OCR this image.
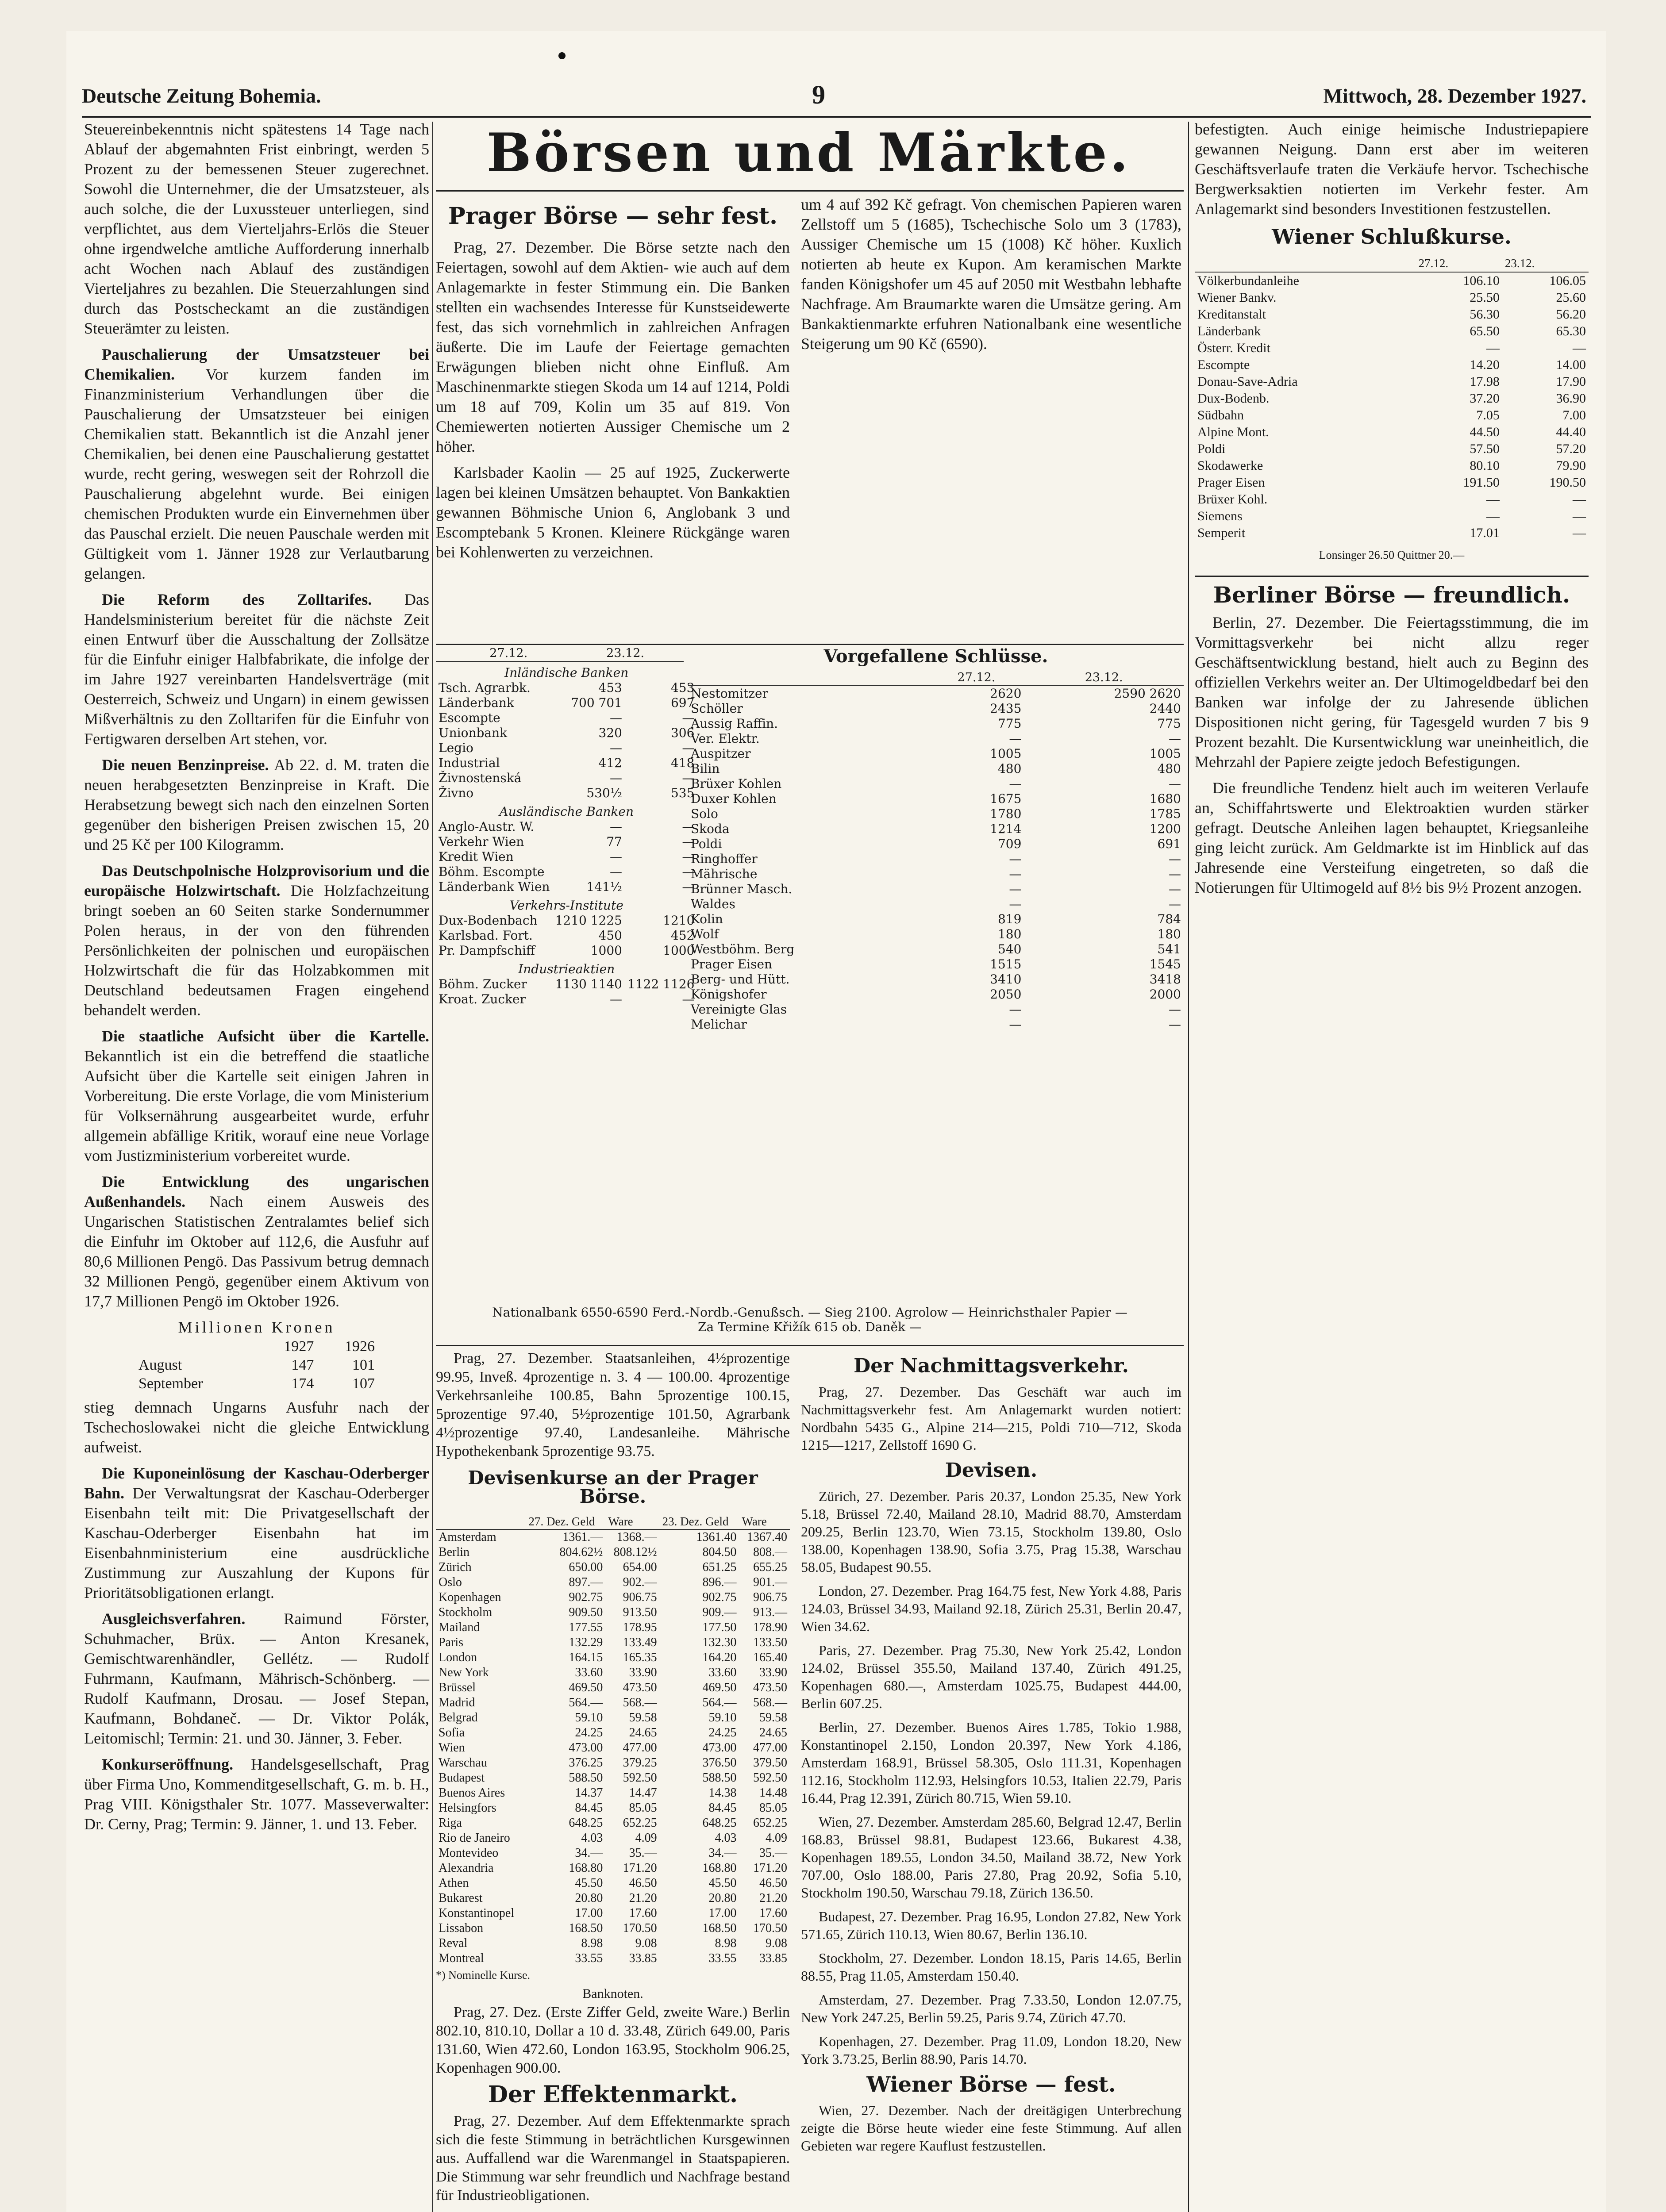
Deutsche Zeitung Bohemia.	9	Mittwoch, 28. Dezember 1927.

Steuereinbekenntnis nicht spätestens 14 Tage nach Ablauf der abgemahnten Frist einbringt, werden 5 Prozent zu der bemessenen Steuer zugerechnet. Sowohl die Unternehmer, die der Umsatzsteuer, als auch solche, die der Luxussteuer unterliegen, sind verpflichtet, aus dem Vierteljahrs-Erlös die Steuer ohne irgendwelche amtliche Aufforderung innerhalb acht Wochen nach Ablauf des zuständigen Vierteljahres zu bezahlen. Die Steuerzahlungen sind durch das Postscheckamt an die zuständigen Steuerämter zu leisten.

Pauschalierung der Umsatzsteuer bei Chemikalien. Vor kurzem fanden im Finanzministerium Verhandlungen über die Pauschalierung der Umsatzsteuer bei einigen Chemikalien statt. Bekanntlich ist die Anzahl jener Chemikalien, bei denen eine Pauschalierung gestattet wurde, recht gering, weswegen seit der Rohrzoll die Pauschalierung abgelehnt wurde. Bei einigen chemischen Produkten wurde ein Einvernehmen über das Pauschal erzielt. Die neuen Pauschale werden mit Gültigkeit vom 1. Jänner 1928 zur Verlautbarung gelangen.

Die Reform des Zolltarifes. Das Handelsministerium bereitet für die nächste Zeit einen Entwurf über die Ausschaltung der Zollsätze für die Einfuhr einiger Halbfabrikate, die infolge der im Jahre 1927 vereinbarten Handelsverträge (mit Oesterreich, Schweiz und Ungarn) in einem gewissen Mißverhältnis zu den Zolltarifen für die Einfuhr von Fertigwaren derselben Art stehen, vor.

Die neuen Benzinpreise. Ab 22. d. M. traten die neuen herabgesetzten Benzinpreise in Kraft. Die Herabsetzung bewegt sich nach den einzelnen Sorten gegenüber den bisherigen Preisen zwischen 15, 20 und 25 Kč per 100 Kilogramm.

Das Deutschpolnische Holzprovisorium und die europäische Holzwirtschaft. Die Holzfachzeitung bringt soeben an 60 Seiten starke Sondernummer Polen heraus, in der von den führenden Persönlichkeiten der polnischen und europäischen Holzwirtschaft die für das Holzabkommen mit Deutschland bedeutsamen Fragen eingehend behandelt werden.

Die staatliche Aufsicht über die Kartelle. Bekanntlich ist ein die betreffend die staatliche Aufsicht über die Kartelle seit einigen Jahren in Vorbereitung. Die erste Vorlage, die vom Ministerium für Volksernährung ausgearbeitet wurde, erfuhr allgemein abfällige Kritik, worauf eine neue Vorlage vom Justizministerium vorbereitet wurde.

Die Entwicklung des ungarischen Außenhandels. Nach einem Ausweis des Ungarischen Statistischen Zentralamtes belief sich die Einfuhr im Oktober auf 112,6, die Ausfuhr auf 80,6 Millionen Pengö. Das Passivum betrug demnach 32 Millionen Pengö, gegenüber einem Aktivum von 17,7 Millionen Pengö im Oktober 1926.

Millionen Kronen
	1927	1926
August	147	101
September	174	107

stieg demnach Ungarns Ausfuhr nach der Tschechoslowakei nicht die gleiche Entwicklung aufweist.

Die Kuponeinlösung der Kaschau-Oderberger Bahn. Der Verwaltungsrat der Kaschau-Oderberger Eisenbahn teilt mit: Die Privatgesellschaft der Kaschau-Oderberger Eisenbahn hat im Eisenbahnministerium eine ausdrückliche Zustimmung zur Auszahlung der Kupons für Prioritätsobligationen erlangt.

Ausgleichsverfahren. Raimund Förster, Schuhmacher, Brüx. — Anton Kresanek, Gemischtwarenhändler, Gellétz. — Rudolf Fuhrmann, Kaufmann, Mährisch-Schönberg. — Rudolf Kaufmann, Drosau. — Josef Stepan, Kaufmann, Bohdaneč. — Dr. Viktor Polák, Leitomischl; Termin: 21. und 30. Jänner, 3. Feber.

Konkurseröffnung. Handelsgesellschaft, Prag über Firma Uno, Kommenditgesellschaft, G. m. b. H., Prag VIII. Königsthaler Str. 1077. Masseverwalter: Dr. Cerny, Prag; Termin: 9. Jänner, 1. und 13. Feber.

Börsen und Märkte.
Prager Börse — sehr fest.

Prag, 27. Dezember. Die Börse setzte nach den Feiertagen, sowohl auf dem Aktien- wie auch auf dem Anlagemarkte in fester Stimmung ein. Die Banken stellten ein wachsendes Interesse für Kunstseidewerte fest, das sich vornehmlich in zahlreichen Anfragen äußerte. Die im Laufe der Feiertage gemachten Erwägungen blieben nicht ohne Einfluß. Am Maschinenmarkte stiegen Skoda um 14 auf 1214, Poldi um 18 auf 709, Kolin um 35 auf 819. Von Chemiewerten notierten Aussiger Chemische um 2 höher.

Karlsbader Kaolin — 25 auf 1925, Zuckerwerte lagen bei kleinen Umsätzen behauptet. Von Bankaktien gewannen Böhmische Union 6, Anglobank 3 und Escomptebank 5 Kronen. Kleinere Rückgänge waren bei Kohlenwerten zu verzeichnen.

um 4 auf 392 Kč gefragt. Von chemischen Papieren waren Zellstoff um 5 (1685), Tschechische Solo um 3 (1783), Aussiger Chemische um 15 (1008) Kč höher. Kuxlich notierten ab heute ex Kupon. Am keramischen Markte fanden Königshofer um 45 auf 2050 mit Westbahn lebhafte Nachfrage. Am Braumarkte waren die Umsätze gering. Am Bankaktienmarkte erfuhren Nationalbank eine wesentliche Steigerung um 90 Kč (6590).

	27.12.	23.12.
Inländische Banken		
Tsch. Agrarbk.	453	453
Länderbank	700 701	697
Escompte	—	—
Unionbank	320	306
Legio	—	—
Industrial	412	418
Živnostenská	—	—
Živno	530½	535
Ausländische Banken		
Anglo-Austr. W.	—	—
Verkehr Wien	77	—
Kredit Wien	—	—
Böhm. Escompte	—	—
Länderbank Wien	141½	—
Verkehrs-Institute		
Dux-Bodenbach	1210 1225	1210
Karlsbad. Fort.	450	452
Pr. Dampfschiff	1000	1000
Industrieaktien		
Böhm. Zucker	1130 1140	1122 1126
Kroat. Zucker	—	—
Vorgefallene Schlüsse.
	27.12.	23.12.
Nestomitzer	2620	2590 2620
Schöller	2435	2440
Aussig Raffin.	775	775
Ver. Elektr.	—	—
Auspitzer	1005	1005
Bilin	480	480
Brüxer Kohlen	—	—
Duxer Kohlen	1675	1680
Solo	1780	1785
Skoda	1214	1200
Poldi	709	691
Ringhoffer	—	—
Mährische	—	—
Brünner Masch.	—	—
Waldes	—	—
Kolin	819	784
Wolf	180	180
Westböhm. Berg	540	541
Prager Eisen	1515	1545
Berg- und Hütt.	3410	3418
Königshofer	2050	2000
Vereinigte Glas	—	—
Melichar	—	—
Nationalbank 6550-6590 Ferd.-Nordb.-Genußsch. — Sieg 2100. Agrolow — Heinrichsthaler Papier —
Za Termine Křižík 615 ob. Daněk —

Prag, 27. Dezember. Staatsanleihen, 4½prozentige 99.95, Inveß. 4prozentige n. 3. 4 — 100.00. 4prozentige Verkehrsanleihe 100.85, Bahn 5prozentige 100.15, 5prozentige 97.40, 5½prozentige 101.50, Agrarbank 4½prozentige 97.40, Landesanleihe. Mährische Hypothekenbank 5prozentige 93.75.

Devisenkurse an der Prager Börse.
	27. Dez. Geld	Ware	23. Dez. Geld	Ware
Amsterdam	1361.—	1368.—	1361.40	1367.40
Berlin	804.62½	808.12½	804.50	808.—
Zürich	650.00	654.00	651.25	655.25
Oslo	897.—	902.—	896.—	901.—
Kopenhagen	902.75	906.75	902.75	906.75
Stockholm	909.50	913.50	909.—	913.—
Mailand	177.55	178.95	177.50	178.90
Paris	132.29	133.49	132.30	133.50
London	164.15	165.35	164.20	165.40
New York	33.60	33.90	33.60	33.90
Brüssel	469.50	473.50	469.50	473.50
Madrid	564.—	568.—	564.—	568.—
Belgrad	59.10	59.58	59.10	59.58
Sofia	24.25	24.65	24.25	24.65
Wien	473.00	477.00	473.00	477.00
Warschau	376.25	379.25	376.50	379.50
Budapest	588.50	592.50	588.50	592.50
Buenos Aires	14.37	14.47	14.38	14.48
Helsingfors	84.45	85.05	84.45	85.05
Riga	648.25	652.25	648.25	652.25
Rio de Janeiro	4.03	4.09	4.03	4.09
Montevideo	34.—	35.—	34.—	35.—
Alexandria	168.80	171.20	168.80	171.20
Athen	45.50	46.50	45.50	46.50
Bukarest	20.80	21.20	20.80	21.20
Konstantinopel	17.00	17.60	17.00	17.60
Lissabon	168.50	170.50	168.50	170.50
Reval	8.98	9.08	8.98	9.08
Montreal	33.55	33.85	33.55	33.85
*) Nominelle Kurse.
Banknoten.

Prag, 27. Dez. (Erste Ziffer Geld, zweite Ware.) Berlin 802.10, 810.10, Dollar a 10 d. 33.48, Zürich 649.00, Paris 131.60, Wien 472.60, London 163.95, Stockholm 906.25, Kopenhagen 900.00.

Der Effektenmarkt.

Prag, 27. Dezember. Auf dem Effektenmarkte sprach sich die feste Stimmung in beträchtlichen Kursgewinnen aus. Auffallend war die Warenmangel in Staatspapieren. Die Stimmung war sehr freundlich und Nachfrage bestand für Industrieobligationen.

Der Nachmittagsverkehr.

Prag, 27. Dezember. Das Geschäft war auch im Nachmittagsverkehr fest. Am Anlagemarkt wurden notiert: Nordbahn 5435 G., Alpine 214—215, Poldi 710—712, Skoda 1215—1217, Zellstoff 1690 G.

Devisen.

Zürich, 27. Dezember. Paris 20.37, London 25.35, New York 5.18, Brüssel 72.40, Mailand 28.10, Madrid 88.70, Amsterdam 209.25, Berlin 123.70, Wien 73.15, Stockholm 139.80, Oslo 138.00, Kopenhagen 138.90, Sofia 3.75, Prag 15.38, Warschau 58.05, Budapest 90.55.

London, 27. Dezember. Prag 164.75 fest, New York 4.88, Paris 124.03, Brüssel 34.93, Mailand 92.18, Zürich 25.31, Berlin 20.47, Wien 34.62.

Paris, 27. Dezember. Prag 75.30, New York 25.42, London 124.02, Brüssel 355.50, Mailand 137.40, Zürich 491.25, Kopenhagen 680.—, Amsterdam 1025.75, Budapest 444.00, Berlin 607.25.

Berlin, 27. Dezember. Buenos Aires 1.785, Tokio 1.988, Konstantinopel 2.150, London 20.397, New York 4.186, Amsterdam 168.91, Brüssel 58.305, Oslo 111.31, Kopenhagen 112.16, Stockholm 112.93, Helsingfors 10.53, Italien 22.79, Paris 16.44, Prag 12.391, Zürich 80.715, Wien 59.10.

Wien, 27. Dezember. Amsterdam 285.60, Belgrad 12.47, Berlin 168.83, Brüssel 98.81, Budapest 123.66, Bukarest 4.38, Kopenhagen 189.55, London 34.50, Mailand 38.72, New York 707.00, Oslo 188.00, Paris 27.80, Prag 20.92, Sofia 5.10, Stockholm 190.50, Warschau 79.18, Zürich 136.50.

Budapest, 27. Dezember. Prag 16.95, London 27.82, New York 571.65, Zürich 110.13, Wien 80.67, Berlin 136.10.

Stockholm, 27. Dezember. London 18.15, Paris 14.65, Berlin 88.55, Prag 11.05, Amsterdam 150.40.

Amsterdam, 27. Dezember. Prag 7.33.50, London 12.07.75, New York 247.25, Berlin 59.25, Paris 9.74, Zürich 47.70.

Kopenhagen, 27. Dezember. Prag 11.09, London 18.20, New York 3.73.25, Berlin 88.90, Paris 14.70.

Wiener Börse — fest.

Wien, 27. Dezember. Nach der dreitägigen Unterbrechung zeigte die Börse heute wieder eine feste Stimmung. Auf allen Gebieten war regere Kauflust festzustellen.

befestigten. Auch einige heimische Industriepapiere gewannen Neigung. Dann erst aber im weiteren Geschäftsverlaufe traten die Verkäufe hervor. Tschechische Bergwerksaktien notierten im Verkehr fester. Am Anlagemarkt sind besonders Investitionen festzustellen.

Wiener Schlußkurse.
	27.12.	23.12.
Völkerbundanleihe	106.10	106.05
Wiener Bankv.	25.50	25.60
Kreditanstalt	56.30	56.20
Länderbank	65.50	65.30
Österr. Kredit	—	—
Escompte	14.20	14.00
Donau-Save-Adria	17.98	17.90
Dux-Bodenb.	37.20	36.90
Südbahn	7.05	7.00
Alpine Mont.	44.50	44.40
Poldi	57.50	57.20
Skodawerke	80.10	79.90
Prager Eisen	191.50	190.50
Brüxer Kohl.	—	—
Siemens	—	—
Semperit	17.01	—
Lonsinger 26.50 Quittner 20.—
Berliner Börse — freundlich.

Berlin, 27. Dezember. Die Feiertagsstimmung, die im Vormittagsverkehr bei nicht allzu reger Geschäftsentwicklung bestand, hielt auch zu Beginn des offiziellen Verkehrs weiter an. Der Ultimogeldbedarf bei den Banken war infolge der zu Jahresende üblichen Dispositionen nicht gering, für Tagesgeld wurden 7 bis 9 Prozent bezahlt. Die Kursentwicklung war uneinheitlich, die Mehrzahl der Papiere zeigte jedoch Befestigungen.

Die freundliche Tendenz hielt auch im weiteren Verlaufe an, Schiffahrtswerte und Elektroaktien wurden stärker gefragt. Deutsche Anleihen lagen behauptet, Kriegsanleihe ging leicht zurück. Am Geldmarkte ist im Hinblick auf das Jahresende eine Versteifung eingetreten, so daß die Notierungen für Ultimogeld auf 8½ bis 9½ Prozent anzogen.
